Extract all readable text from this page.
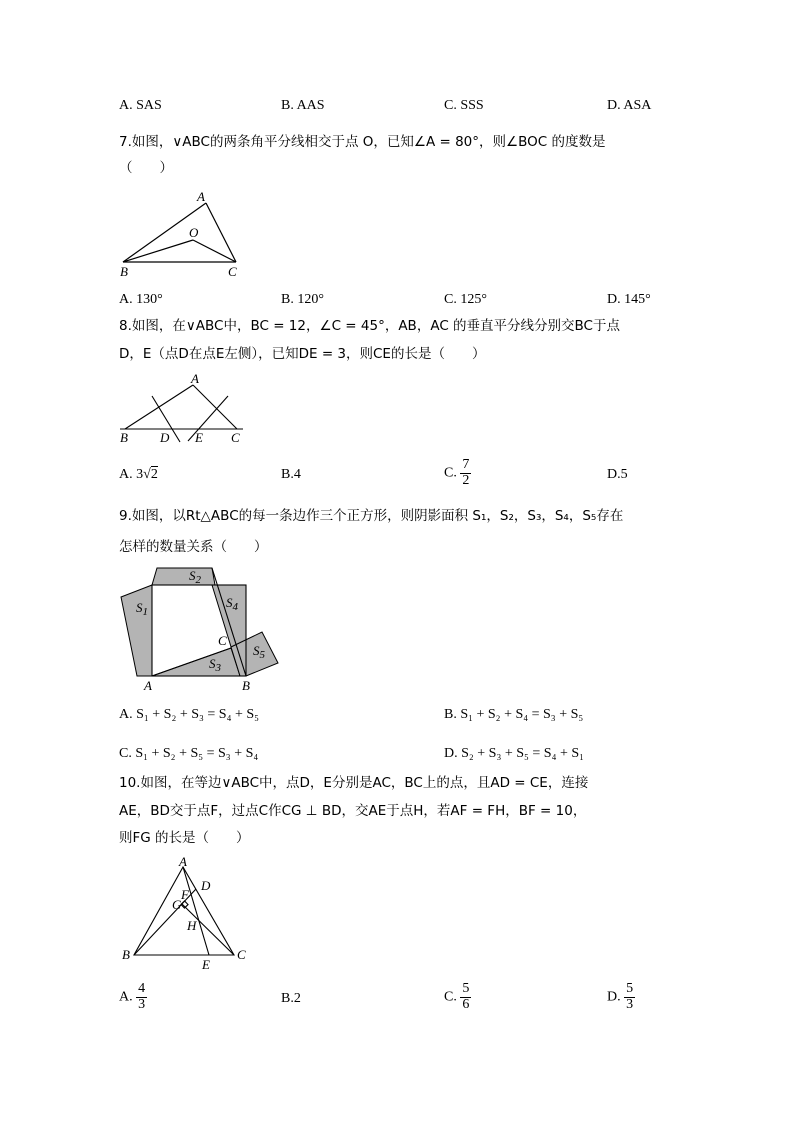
A. SAS	B. AAS	C. SSS	D. ASA
7.如图，∨ABC的两条角平分线相交于点 O，已知∠A = 80°，则∠BOC 的度数是
（　　）
A
O
B	C
A. 130°	B. 120°	C. 125°	D. 145°
8.如图，在∨ABC中，BC = 12，∠C = 45°，AB，AC 的垂直平分线分别交BC于点
D，E（点D在点E左侧），已知DE = 3，则CE的长是（　　）
A
B D E C
A. 3√2	B.4	C. $\frac{7}{2}$	D.5
9.如图，以Rt△ABC的每一条边作三个正方形，则阴影面积 S₁，S₂，S₃，S₄，S₅存在
怎样的数量关系（　　）
$S_1$
$S_2$
$S_4$
$S_3$
$S_5$
C
A	B
A. S₁ + S₂ + S₃ = S₄ + S₅	B. S₁ + S₂ + S₄ = S₃ + S₅
C. S₁ + S₂ + S₅ = S₃ + S₄	D. S₂ + S₃ + S₅ = S₄ + S₁
10.如图，在等边∨ABC中，点D，E分别是AC，BC上的点，且AD = CE，连接
AE，BD交于点F，过点C作CG ⊥ BD，交AE于点H，若AF = FH，BF = 10，
则FG 的长是（　　）
A
F
D
G
H
B
E
C
A. $\frac{4}{3}$	B.2	C. $\frac{5}{6}$	D. $\frac{5}{3}$
